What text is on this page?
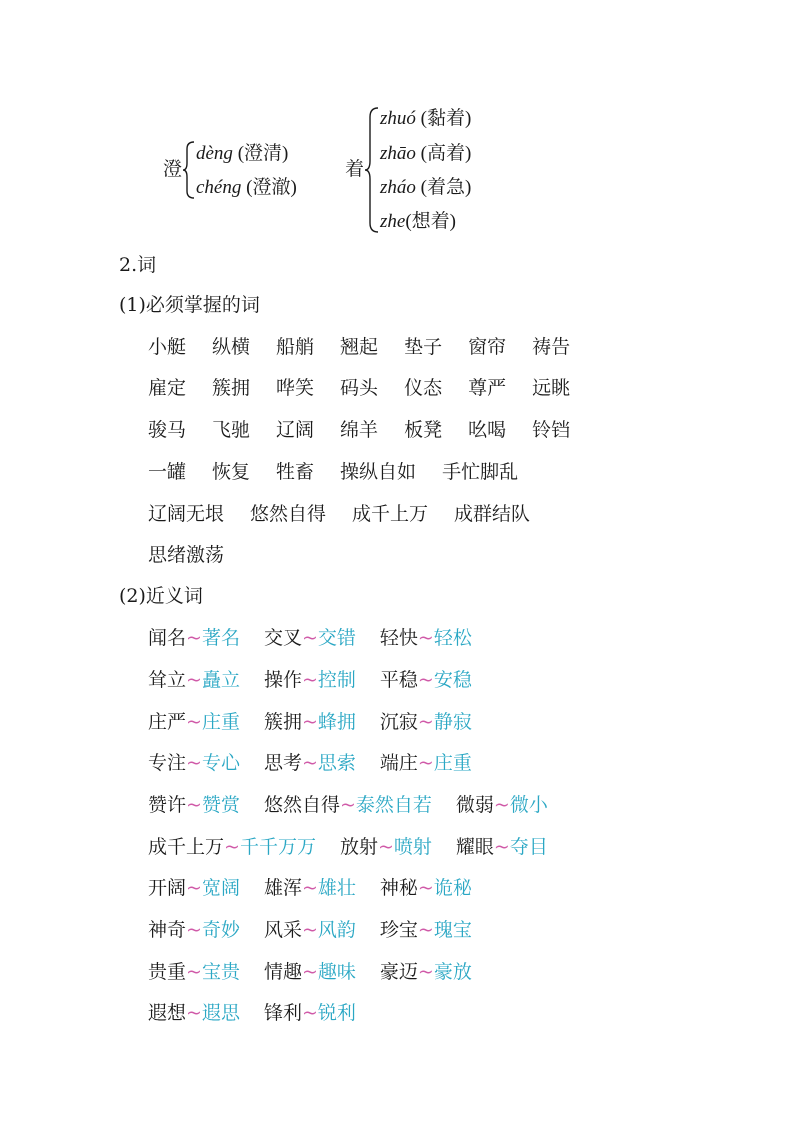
澄
dèng (澄清)
chéng (澄澈)
着
zhuó (黏着)
zhāo (高着)
zháo (着急)
zhe(想着)
2.词
(1)必须掌握的词
小艇 纵横 船艄 翘起 垫子 窗帘 祷告
雇定 簇拥 哗笑 码头 仪态 尊严 远眺
骏马 飞驰 辽阔 绵羊 板凳 吆喝 铃铛
一罐 恢复 牲畜 操纵自如 手忙脚乱
辽阔无垠 悠然自得 成千上万 成群结队
思绪激荡
(2)近义词
闻名~著名 交叉~交错 轻快~轻松
耸立~矗立 操作~控制 平稳~安稳
庄严~庄重 簇拥~蜂拥 沉寂~静寂
专注~专心 思考~思索 端庄~庄重
赞许~赞赏 悠然自得~泰然自若 微弱~微小
成千上万~千千万万 放射~喷射 耀眼~夺目
开阔~宽阔 雄浑~雄壮 神秘~诡秘
神奇~奇妙 风采~风韵 珍宝~瑰宝
贵重~宝贵 情趣~趣味 豪迈~豪放
遐想~遐思 锋利~锐利
